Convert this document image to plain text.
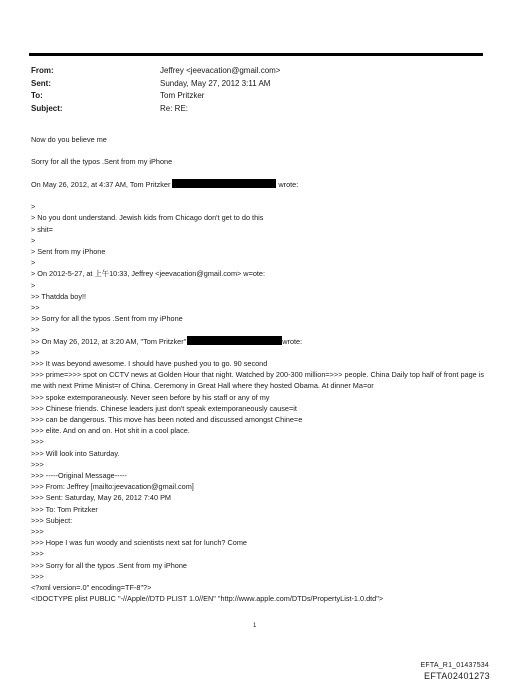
From:	Jeffrey <jeevacation@gmail.com>
Sent:	Sunday, May 27, 2012 3:11 AM
To:	Tom Pritzker
Subject:	Re: RE:
Now do you believe me
Sorry for all the typos .Sent from my iPhone
On May 26, 2012, at 4:37 AM, Tom Pritzker	wrote:
>
> No you dont understand. Jewish kids from Chicago don't get to do this
> shit=
>
> Sent from my iPhone
>
> On 2012-5-27, at 上午10:33, Jeffrey <jeevacation@gmail.com> w=ote:
>
>> Thatdda boy!!
>>
>> Sorry for all the typos .Sent from my iPhone
>>
>> On May 26, 2012, at 3:20 AM, "Tom Pritzker"	wrote:
>>
>>> It was beyond awesome. I should have pushed you to go. 90 second
>>> prime=>>> spot on CCTV news at Golden Hour that night. Watched by 200-300 million=>>> people. China Daily top half of front page is me with next Prime Minist=r of China. Ceremony in Great Hall where they hosted Obama. At dinner Ma=or
>>> spoke extemporaneously. Never seen before by his staff or any of my
>>> Chinese friends. Chinese leaders just don't speak extemporaneously cause=it
>>> can be dangerous. This move has been noted and discussed amongst Chine=e
>>> elite. And on and on. Hot shit in a cool place.
>>>
>>> Will look into Saturday.
>>>
>>> -----Original Message-----
>>> From: Jeffrey [mailto:jeevacation@gmail.com]
>>> Sent: Saturday, May 26, 2012 7:40 PM
>>> To: Tom Pritzker
>>> Subject:
>>>
>>> Hope I was fun woody and scientists next sat for lunch? Come
>>>
>>> Sorry for all the typos .Sent from my iPhone
>>>
<?xml version=.0" encoding=TF-8"?>
<!DOCTYPE plist PUBLIC "-//Apple//DTD PLIST 1.0//EN" "http://www.apple.com/DTDs/PropertyList-1.0.dtd">
1
EFTA_R1_01437534
EFTA02401273
